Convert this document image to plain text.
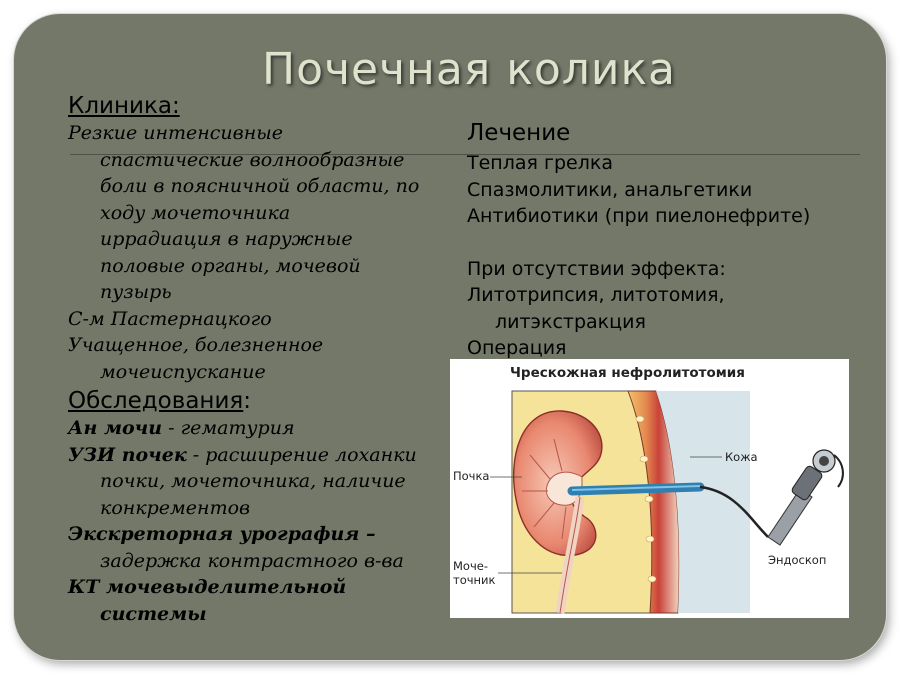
Почечная колика
Клиника:

Резкие интенсивные

спастические волнообразные

боли в поясничной области, по

ходу мочеточника

иррадиация в наружные

половые органы, мочевой

пузырь

С-м Пастернацкого

Учащенное, болезненное

мочеиспускание

Обследования:

Ан мочи - гематурия

УЗИ почек - расширение лоханки

почки, мочеточника, наличие

конкрементов

Экскреторная урография –

задержка контрастного в-ва

КТ мочевыделительной

системы

Лечение

Теплая грелка

Спазмолитики, анальгетики

Антибиотики (при пиелонефрите)

При отсутствии эффекта:

Литотрипсия, литотомия,

литэкстракция

Операция

Чрескожная нефролитотомия
Почка
Кожа
Моче-
точник
Эндоскоп
